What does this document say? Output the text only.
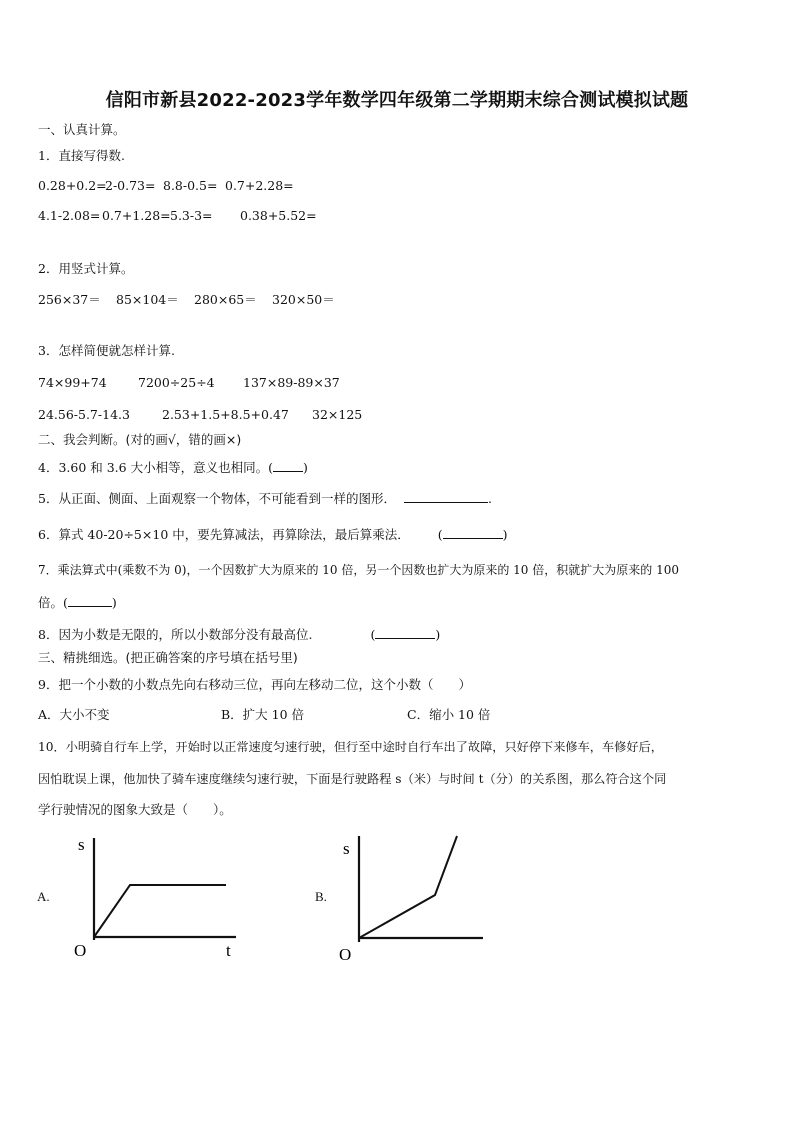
信阳市新县2022-2023学年数学四年级第二学期期末综合测试模拟试题
一、认真计算。
1．直接写得数.
0.28+0.2=2-0.73= 8.8-0.5= 0.7+2.28=
4.1-2.08= 0.7+1.28=5.3-3= 0.38+5.52=
2．用竖式计算。
256×37＝ 85×104＝ 280×65＝ 320×50＝
3．怎样简便就怎样计算.
74×99+74	7200÷25÷4 137×89-89×37
24.56-5.7-14.3	2.53+1.5+8.5+0.47 32×125
二、我会判断。(对的画√，错的画×)
4．3.60 和 3.6 大小相等，意义也相同。( )
5．从正面、侧面、上面观察一个物体，不可能看到一样的图形．	.
6．算式 40-20÷5×10 中，要先算减法，再算除法，最后算乘法． (	)
7．乘法算式中(乘数不为 0)，一个因数扩大为原来的 10 倍，另一个因数也扩大为原来的 10 倍，积就扩大为原来的 100
倍。(	)
8．因为小数是无限的，所以小数部分没有最高位.	(	)
三、精挑细选。(把正确答案的序号填在括号里)
9．把一个小数的小数点先向右移动三位，再向左移动二位，这个小数（　　）
A．大小不变	B．扩大 10 倍	C．缩小 10 倍
10．小明骑自行车上学，开始时以正常速度匀速行驶，但行至中途时自行车出了故障，只好停下来修车，车修好后，
因怕耽误上课，他加快了骑车速度继续匀速行驶，下面是行驶路程 s（米）与时间 t（分）的关系图，那么符合这个同
学行驶情况的图象大致是（　　）。
A.
s
O	t
B.
s
O
